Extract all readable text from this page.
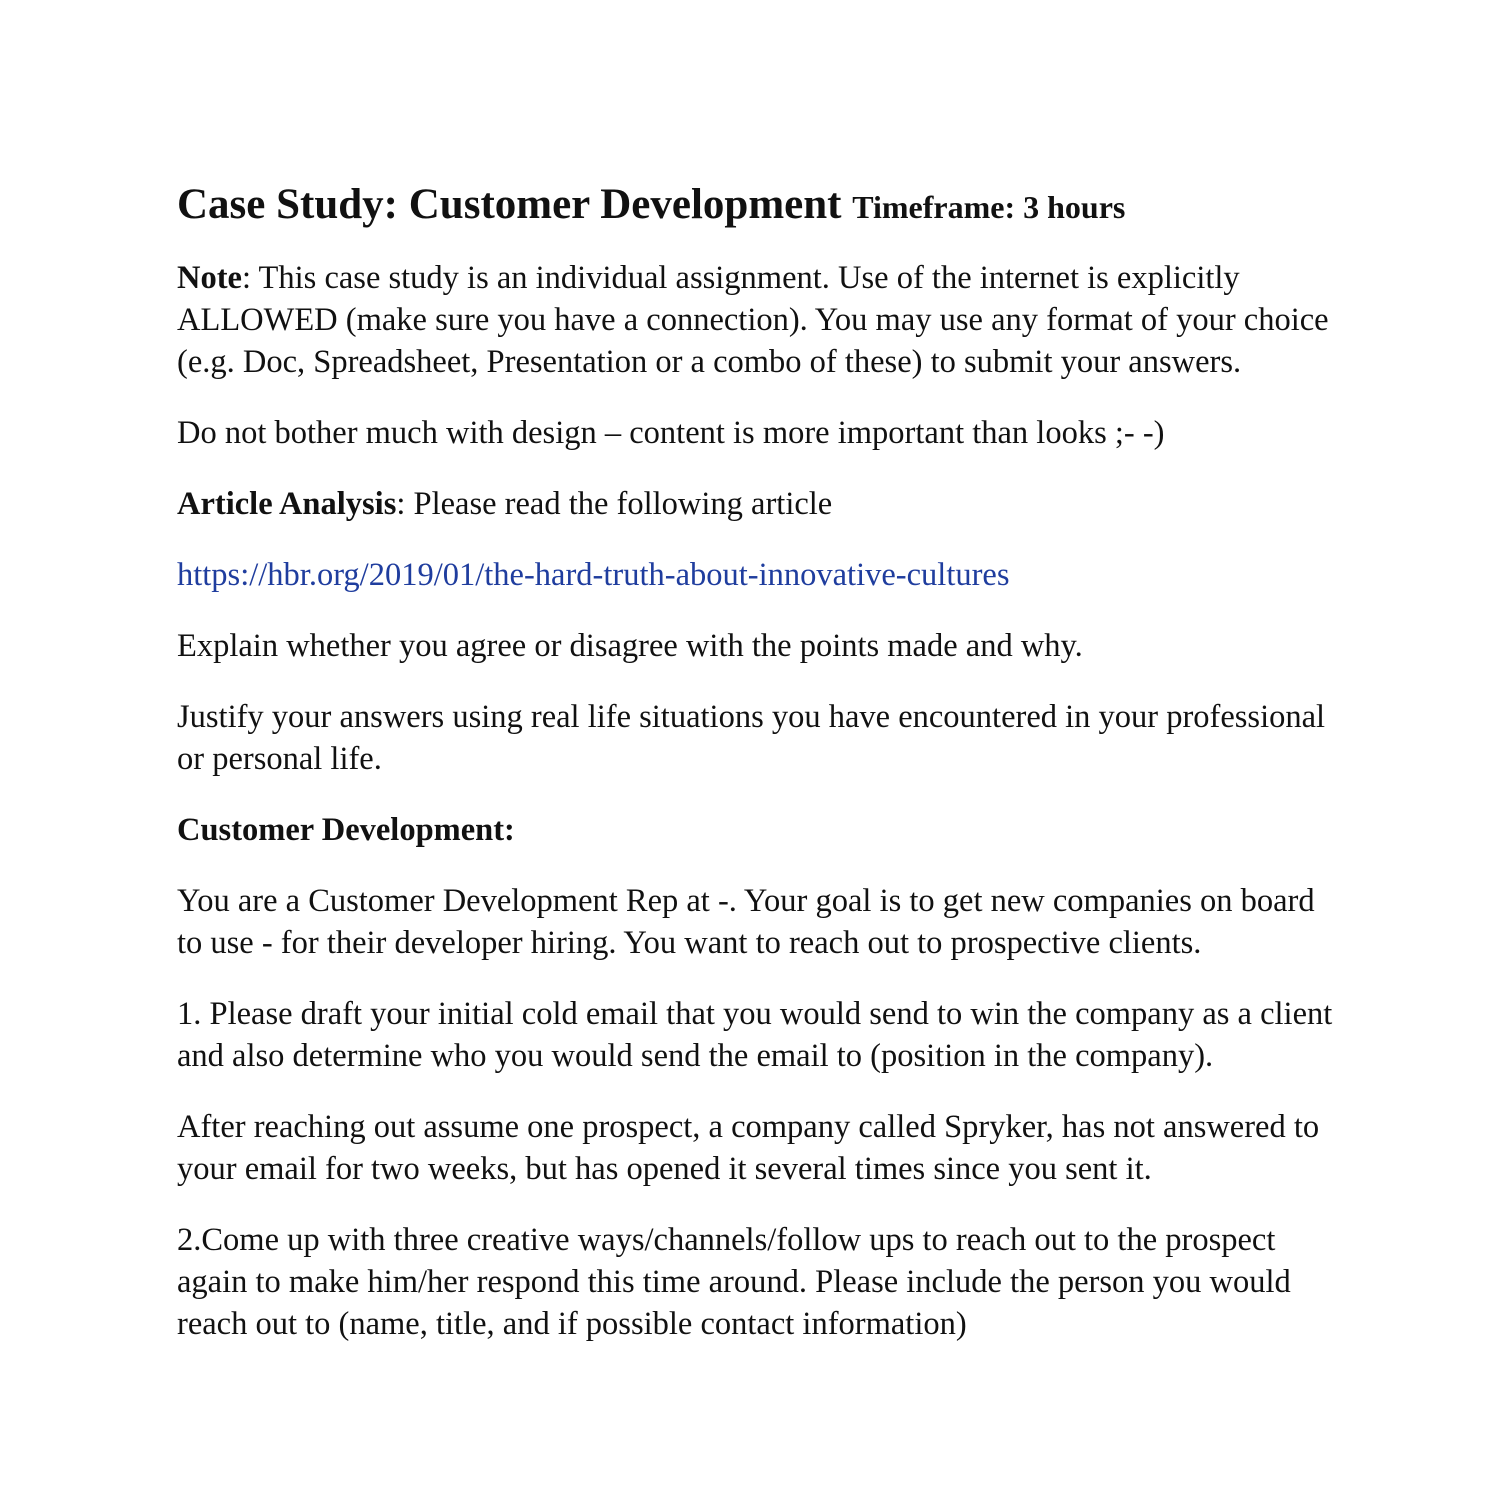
Case Study: Customer Development Timeframe: 3 hours

Note: This case study is an individual assignment. Use of the internet is explicitly ALLOWED (make sure you have a connection). You may use any format of your choice (e.g. Doc, Spreadsheet, Presentation or a combo of these) to submit your answers.

Do not bother much with design – content is more important than looks ;- -)

Article Analysis: Please read the following article

https://hbr.org/2019/01/the-hard-truth-about-innovative-cultures

Explain whether you agree or disagree with the points made and why.

Justify your answers using real life situations you have encountered in your professional or personal life.

Customer Development:

You are a Customer Development Rep at -. Your goal is to get new companies on board to use - for their developer hiring. You want to reach out to prospective clients.

1. Please draft your initial cold email that you would send to win the company as a client and also determine who you would send the email to (position in the company).

After reaching out assume one prospect, a company called Spryker, has not answered to your email for two weeks, but has opened it several times since you sent it.

2.Come up with three creative ways/channels/follow ups to reach out to the prospect again to make him/her respond this time around. Please include the person you would reach out to (name, title, and if possible contact information)
